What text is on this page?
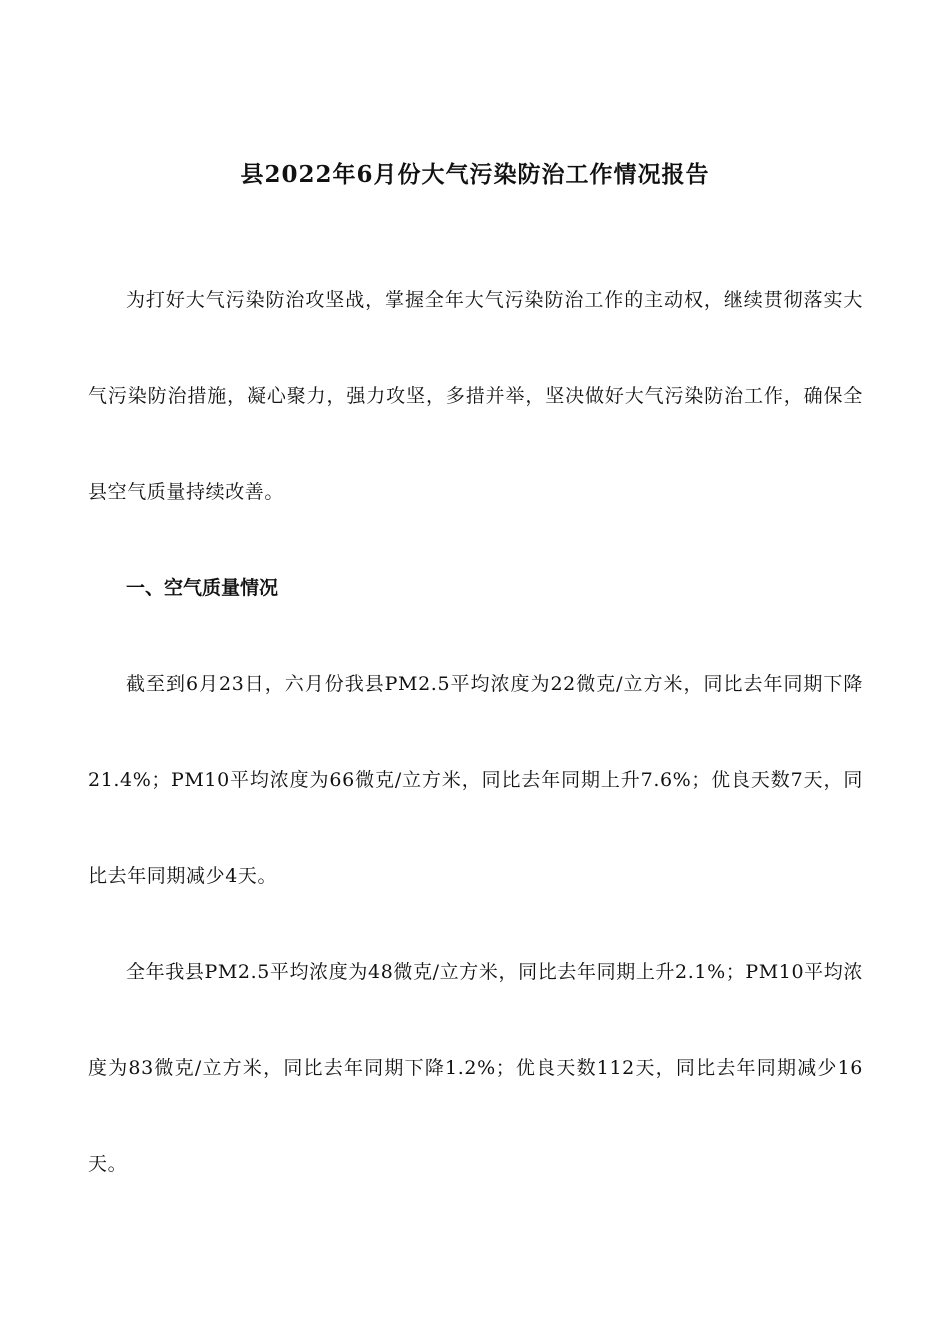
县2022年6月份大气污染防治工作情况报告

为打好大气污染防治攻坚战，掌握全年大气污染防治工作的主动权，继续贯彻落实大气污染防治措施，凝心聚力，强力攻坚，多措并举，坚决做好大气污染防治工作，确保全县空气质量持续改善。

一、空气质量情况

截至到6月23日，六月份我县PM2.5平均浓度为22微克/立方米，同比去年同期下降21.4%；PM10平均浓度为66微克/立方米，同比去年同期上升7.6%；优良天数7天，同比去年同期减少4天。

全年我县PM2.5平均浓度为48微克/立方米，同比去年同期上升2.1%；PM10平均浓度为83微克/立方米，同比去年同期下降1.2%；优良天数112天，同比去年同期减少16天。
